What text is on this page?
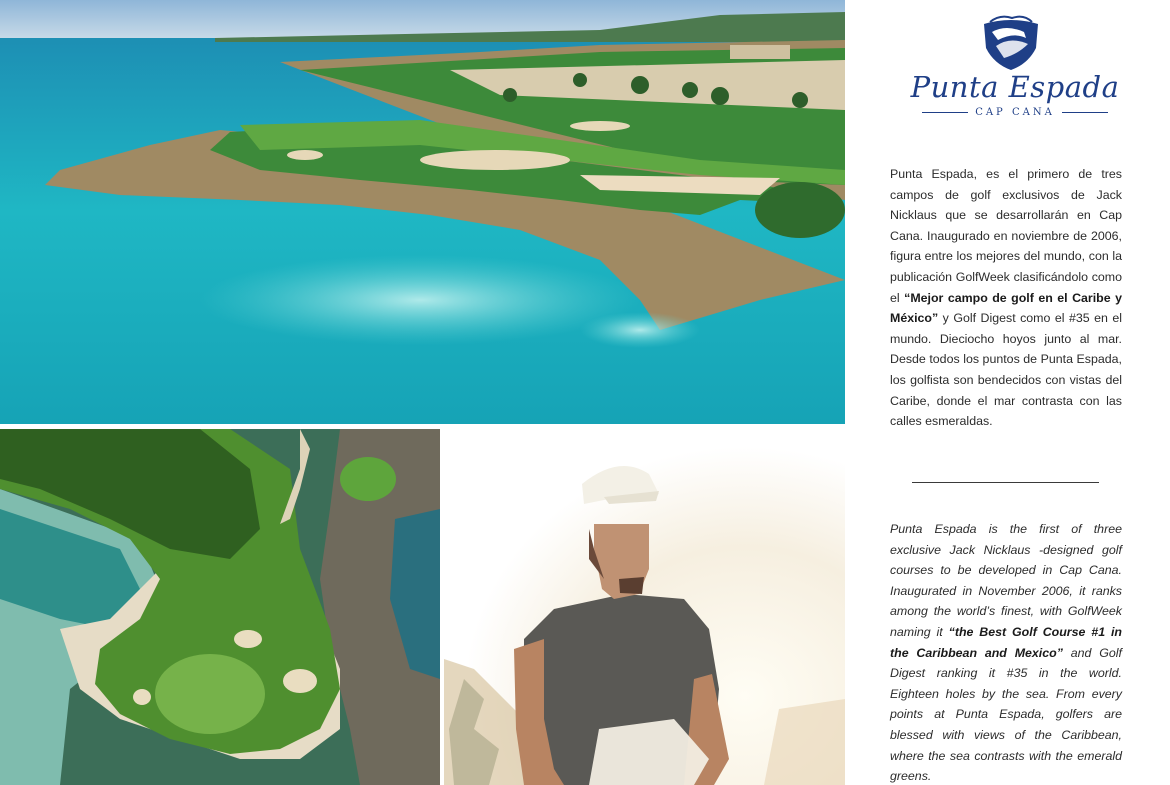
Punta Espada
CAP CANA

Punta Espada, es el primero de tres campos de golf exclusivos de Jack Nicklaus que se desarrollarán en Cap Cana. Inaugurado en noviembre de 2006, figura entre los mejores del mundo, con la publicación GolfWeek clasificándolo como el “Mejor campo de golf en el Caribe y México” y Golf Digest como el #35 en el mundo. Dieciocho hoyos junto al mar. Desde todos los puntos de Punta Espada, los golfista son bendecidos con vistas del Caribe, donde el mar contrasta con las calles esmeraldas.

Punta Espada is the first of three exclusive Jack Nicklaus -designed golf courses to be developed in Cap Cana. Inaugurated in November 2006, it ranks among the world’s finest, with GolfWeek naming it “the Best Golf Course #1 in the Caribbean and Mexico” and Golf Digest ranking it #35 in the world. Eighteen holes by the sea. From every points at Punta Espada, golfers are blessed with views of the Caribbean, where the sea contrasts with the emerald greens.
